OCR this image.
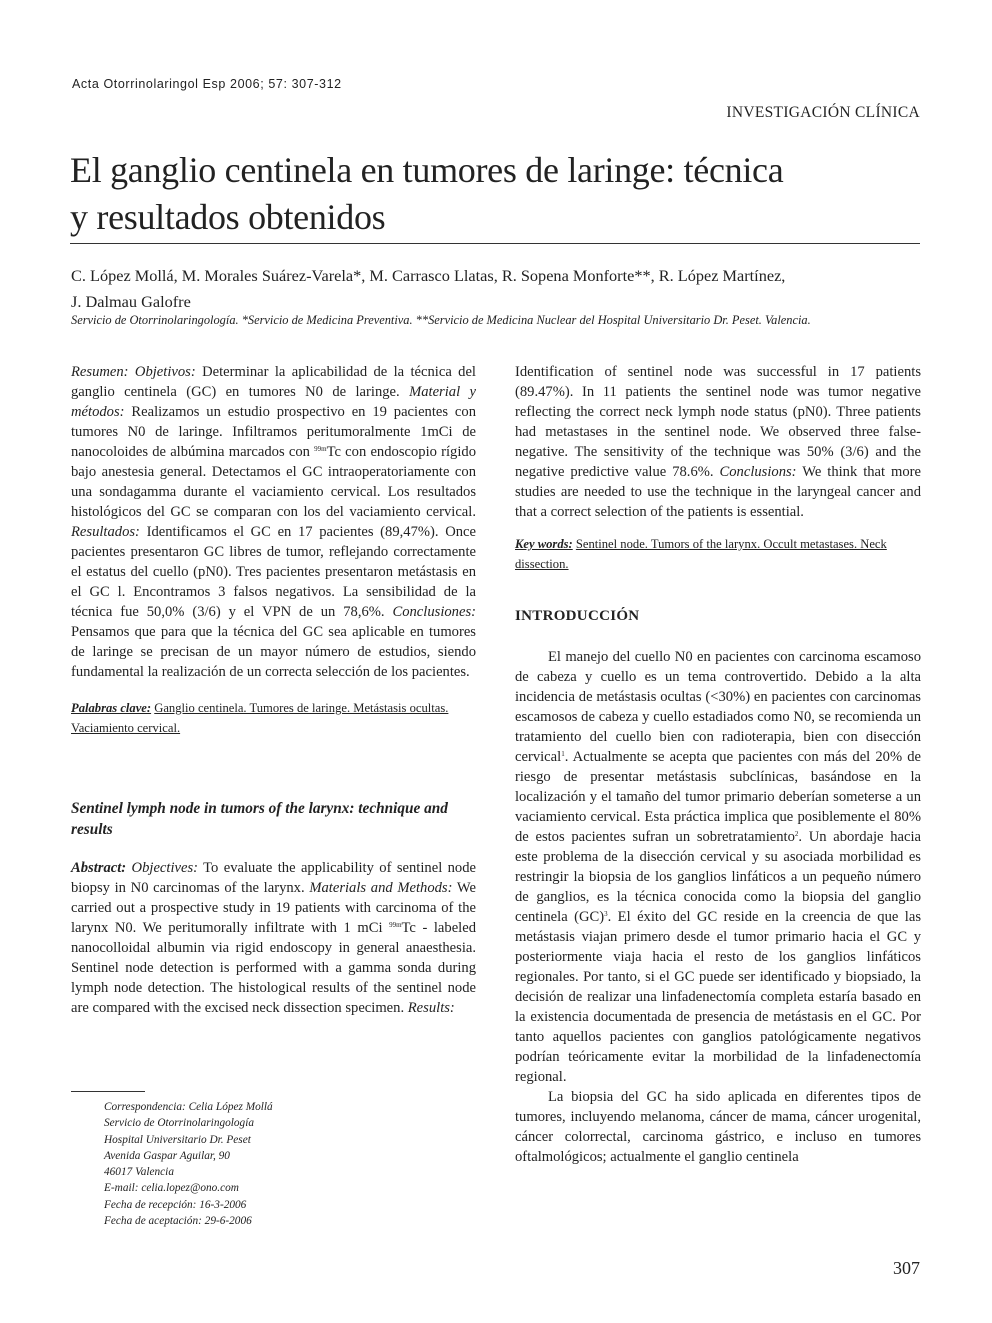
Acta Otorrinolaringol Esp 2006; 57: 307-312
INVESTIGACIÓN CLÍNICA
El ganglio centinela en tumores de laringe: técnica
y resultados obtenidos
C. López Mollá, M. Morales Suárez-Varela*, M. Carrasco Llatas, R. Sopena Monforte**, R. López Martínez,
J. Dalmau Galofre
Servicio de Otorrinolaringología. *Servicio de Medicina Preventiva. **Servicio de Medicina Nuclear del Hospital Universitario Dr. Peset. Valencia.

Resumen: Objetivos: Determinar la aplicabilidad de la técnica del ganglio centinela (GC) en tumores N0 de laringe. Material y métodos: Realizamos un estudio prospectivo en 19 pacientes con tumores N0 de laringe. Infiltramos peritumoralmente 1mCi de nanocoloides de albúmina marcados con $^{99m}$Tc con endoscopio rígido bajo anestesia general. Detectamos el GC intraoperatoriamente con una sondagamma durante el vaciamiento cervical. Los resultados histológicos del GC se comparan con los del vaciamiento cervical. Resultados: Identificamos el GC en 17 pacientes (89,47%). Once pacientes presentaron GC libres de tumor, reflejando correctamente el estatus del cuello (pN0). Tres pacientes presentaron metástasis en el GC l. Encontramos 3 falsos negativos. La sensibilidad de la técnica fue 50,0% (3/6) y el VPN de un 78,6%. Conclusiones: Pensamos que para que la técnica del GC sea aplicable en tumores de laringe se precisan de un mayor número de estudios, siendo fundamental la realización de un correcta selección de los pacientes.

Palabras clave: Ganglio centinela. Tumores de laringe. Metástasis ocultas. Vaciamiento cervical.

Sentinel lymph node in tumors of the larynx: technique and results

Abstract: Objectives: To evaluate the applicability of sentinel node biopsy in N0 carcinomas of the larynx. Materials and Methods: We carried out a prospective study in 19 patients with carcinoma of the larynx N0. We peritumorally infiltrate with 1 mCi $^{99m}$Tc - labeled nanocolloidal albumin via rigid endoscopy in general anaesthesia. Sentinel node detection is performed with a gamma sonda during lymph node detection. The histological results of the sentinel node are compared with the excised neck dissection specimen. Results:

Identification of sentinel node was successful in 17 patients (89.47%). In 11 patients the sentinel node was tumor negative reflecting the correct neck lymph node status (pN0). Three patients had metastases in the sentinel node. We observed three false- negative. The sensitivity of the technique was 50% (3/6) and the negative predictive value 78.6%. Conclusions: We think that more studies are needed to use the technique in the laryngeal cancer and that a correct selection of the patients is essential.

Key words: Sentinel node. Tumors of the larynx. Occult metastases. Neck dissection.

INTRODUCCIÓN

El manejo del cuello N0 en pacientes con carcinoma escamoso de cabeza y cuello es un tema controvertido. Debido a la alta incidencia de metástasis ocultas (<30%) en pacientes con carcinomas escamosos de cabeza y cuello estadiados como N0, se recomienda un tratamiento del cuello bien con radioterapia, bien con disección cervical$^1$. Actualmente se acepta que pacientes con más del 20% de riesgo de presentar metástasis subclínicas, basándose en la localización y el tamaño del tumor primario deberían someterse a un vaciamiento cervical. Esta práctica implica que posiblemente el 80% de estos pacientes sufran un sobretratamiento$^2$. Un abordaje hacia este problema de la disección cervical y su asociada morbilidad es restringir la biopsia de los ganglios linfáticos a un pequeño número de ganglios, es la técnica conocida como la biopsia del ganglio centinela (GC)$^3$. El éxito del GC reside en la creencia de que las metástasis viajan primero desde el tumor primario hacia el GC y posteriormente viaja hacia el resto de los ganglios linfáticos regionales. Por tanto, si el GC puede ser identificado y biopsiado, la decisión de realizar una linfadenectomía completa estaría basado en la existencia documentada de presencia de metástasis en el GC. Por tanto aquellos pacientes con ganglios patológicamente negativos podrían teóricamente evitar la morbilidad de la linfadenectomía regional.

La biopsia del GC ha sido aplicada en diferentes tipos de tumores, incluyendo melanoma, cáncer de mama, cáncer urogenital, cáncer colorrectal, carcinoma gástrico, e incluso en tumores oftalmológicos; actualmente el ganglio centinela

Correspondencia: Celia López Mollá
Servicio de Otorrinolaringología
Hospital Universitario Dr. Peset
Avenida Gaspar Aguilar, 90
46017 Valencia
E-mail: celia.lopez@ono.com
Fecha de recepción: 16-3-2006
Fecha de aceptación: 29-6-2006
307
